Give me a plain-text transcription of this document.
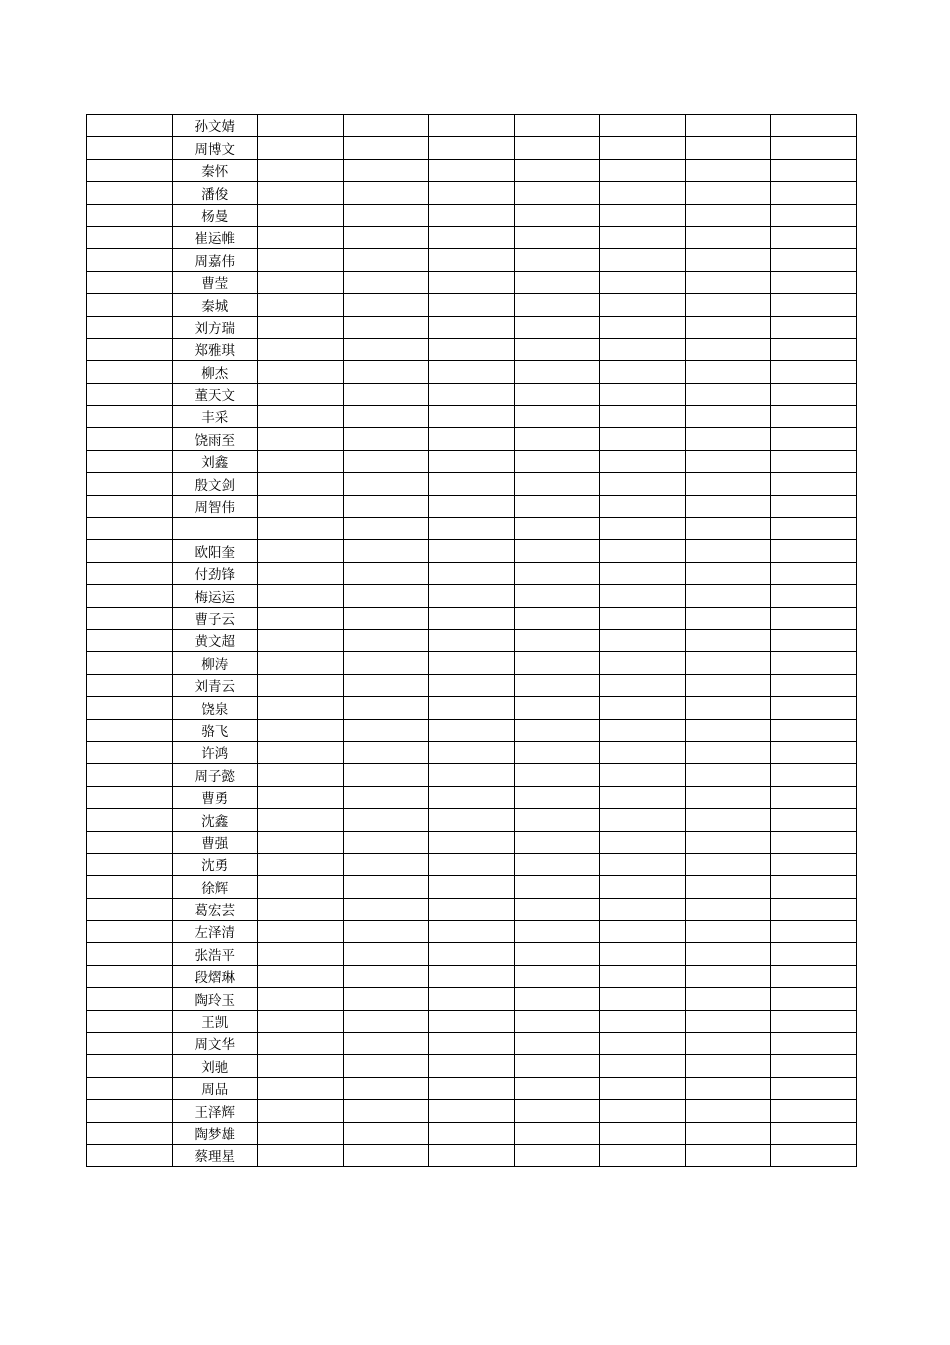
	孙文婧							
	周博文							
	秦怀							
	潘俊							
	杨曼							
	崔运帷							
	周嘉伟							
	曹莹							
	秦城							
	刘方瑞							
	郑雅琪							
	柳杰							
	董天文							
	丰采							
	饶雨至							
	刘鑫							
	殷文剑							
	周智伟							

	欧阳奎							
	付劲锋							
	梅运运							
	曹子云							
	黄文超							
	柳涛							
	刘青云							
	饶泉							
	骆飞							
	许鸿							
	周子懿							
	曹勇							
	沈鑫							
	曹强							
	沈勇							
	徐辉							
	葛宏芸							
	左泽清							
	张浩平							
	段熠琳							
	陶玲玉							
	王凯							
	周文华							
	刘驰							
	周品							
	王泽辉							
	陶梦雄							
	蔡理星							
